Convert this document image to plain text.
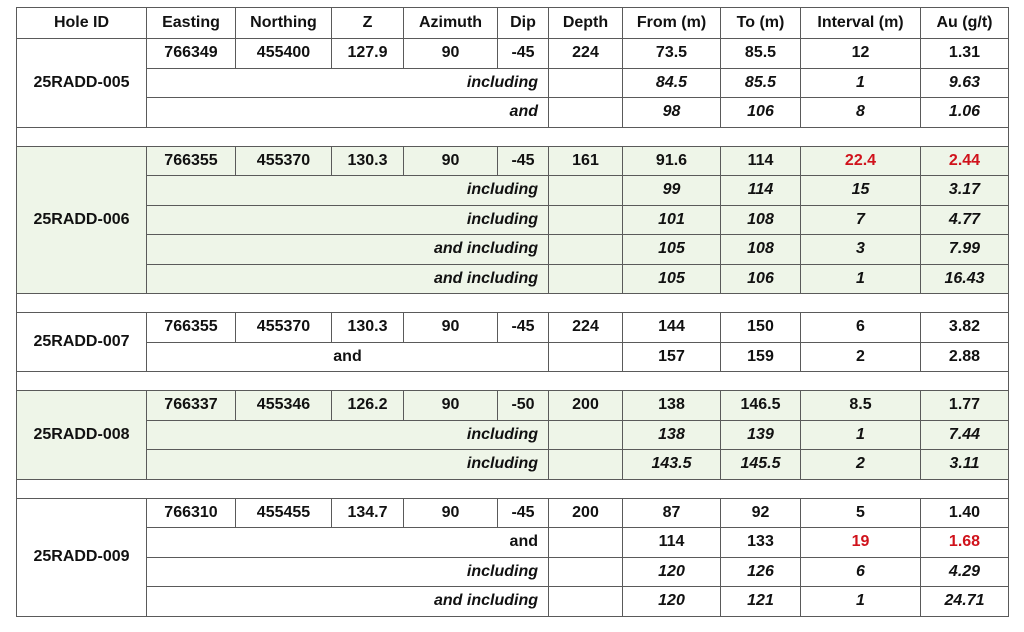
Hole ID	Easting	Northing	Z	Azimuth	Dip	Depth	From (m)	To (m)	Interval (m)	Au (g/t)
25RADD-005	766349	455400	127.9	90	-45	224	73.5	85.5	12	1.31
	including						84.5	85.5	1	9.63
	and						98	106	8	1.06

25RADD-006	766355	455370	130.3	90	-45	161	91.6	114	22.4	2.44
	including						99	114	15	3.17
	including						101	108	7	4.77
	and including						105	108	3	7.99
	and including						105	106	1	16.43

25RADD-007	766355	455370	130.3	90	-45	224	144	150	6	3.82
	and						157	159	2	2.88

25RADD-008	766337	455346	126.2	90	-50	200	138	146.5	8.5	1.77
	including						138	139	1	7.44
	including						143.5	145.5	2	3.11

25RADD-009	766310	455455	134.7	90	-45	200	87	92	5	1.40
	and						114	133	19	1.68
	including						120	126	6	4.29
	and including						120	121	1	24.71
